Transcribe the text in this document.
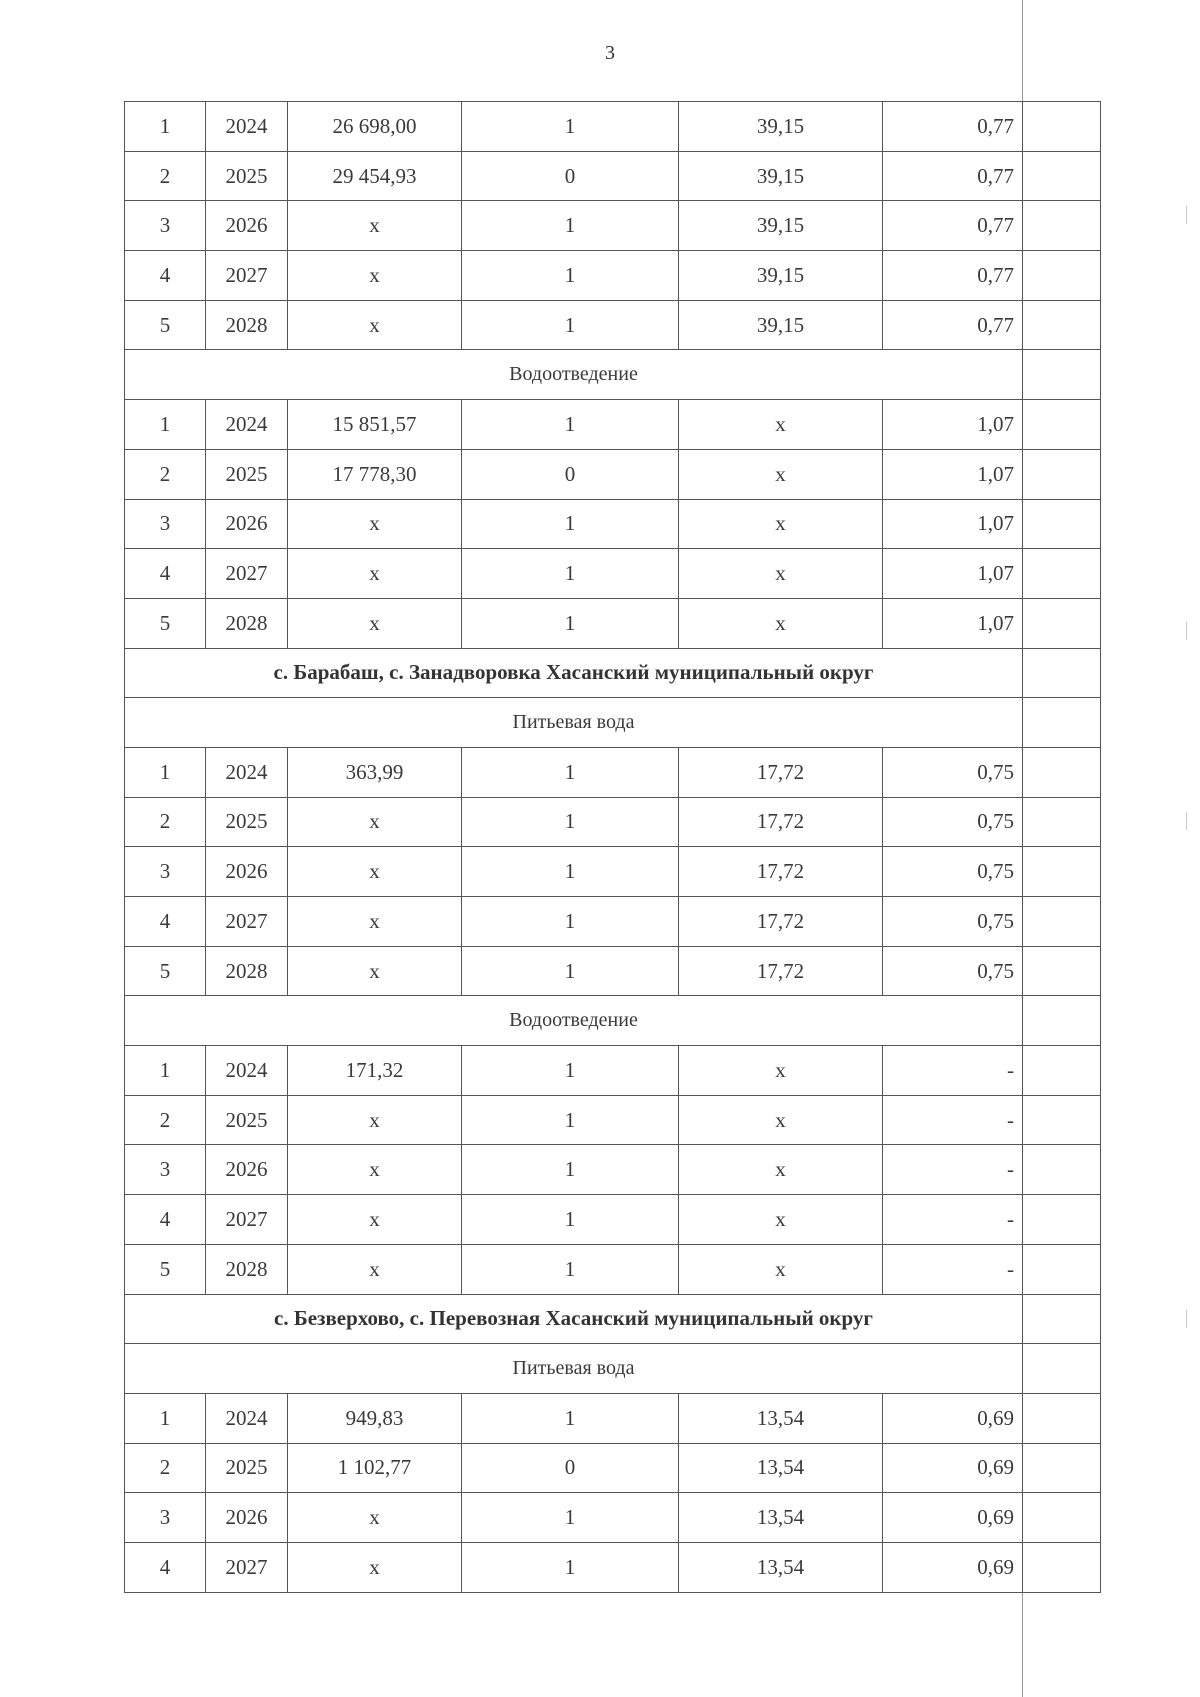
3
1	2024	26 698,00	1	39,15	0,77	
2	2025	29 454,93	0	39,15	0,77	
3	2026	x	1	39,15	0,77	
4	2027	x	1	39,15	0,77	
5	2028	x	1	39,15	0,77	
Водоотведение						
1	2024	15 851,57	1	x	1,07	
2	2025	17 778,30	0	x	1,07	
3	2026	x	1	x	1,07	
4	2027	x	1	x	1,07	
5	2028	x	1	x	1,07	
с. Барабаш, с. Занадворовка Хасанский муниципальный округ						
Питьевая вода						
1	2024	363,99	1	17,72	0,75	
2	2025	x	1	17,72	0,75	
3	2026	x	1	17,72	0,75	
4	2027	x	1	17,72	0,75	
5	2028	x	1	17,72	0,75	
Водоотведение						
1	2024	171,32	1	x	-	
2	2025	x	1	x	-	
3	2026	x	1	x	-	
4	2027	x	1	x	-	
5	2028	x	1	x	-	
с. Безверхово, с. Перевозная Хасанский муниципальный округ						
Питьевая вода						
1	2024	949,83	1	13,54	0,69	
2	2025	1 102,77	0	13,54	0,69	
3	2026	x	1	13,54	0,69	
4	2027	x	1	13,54	0,69	
